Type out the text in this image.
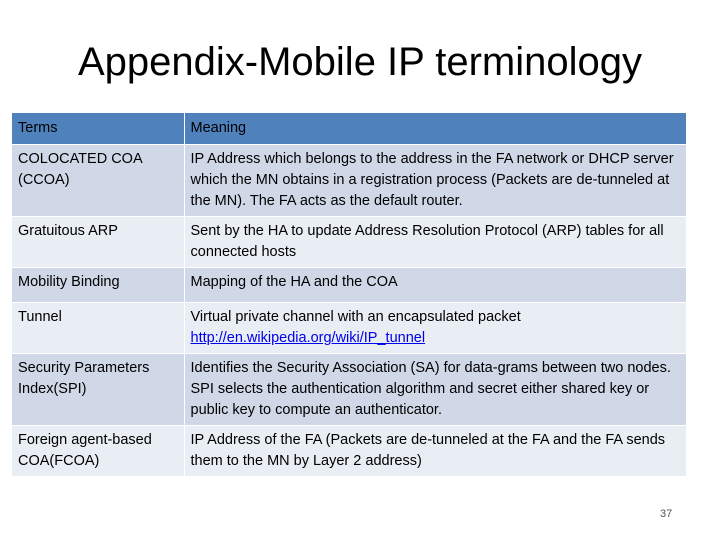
Appendix-Mobile IP terminology
Terms	Meaning
COLOCATED COA (CCOA)	IP Address which belongs to the address in the FA network or DHCP server which the MN obtains in a registration process (Packets are de-tunneled at the MN). The FA acts as the default router.
Gratuitous ARP	Sent by the HA to update Address Resolution Protocol (ARP) tables for all connected hosts
Mobility Binding	Mapping of the HA and the COA
Tunnel	Virtual private channel with an encapsulated packet
http://en.wikipedia.org/wiki/IP_tunnel

Security Parameters Index(SPI)	Identifies the Security Association (SA) for data-grams between two nodes. SPI selects the authentication algorithm and secret either shared key or public key to compute an authenticator.
Foreign agent-based COA(FCOA)	IP Address of the FA (Packets are de-tunneled at the FA and the FA sends them to the MN by Layer 2 address)
37
